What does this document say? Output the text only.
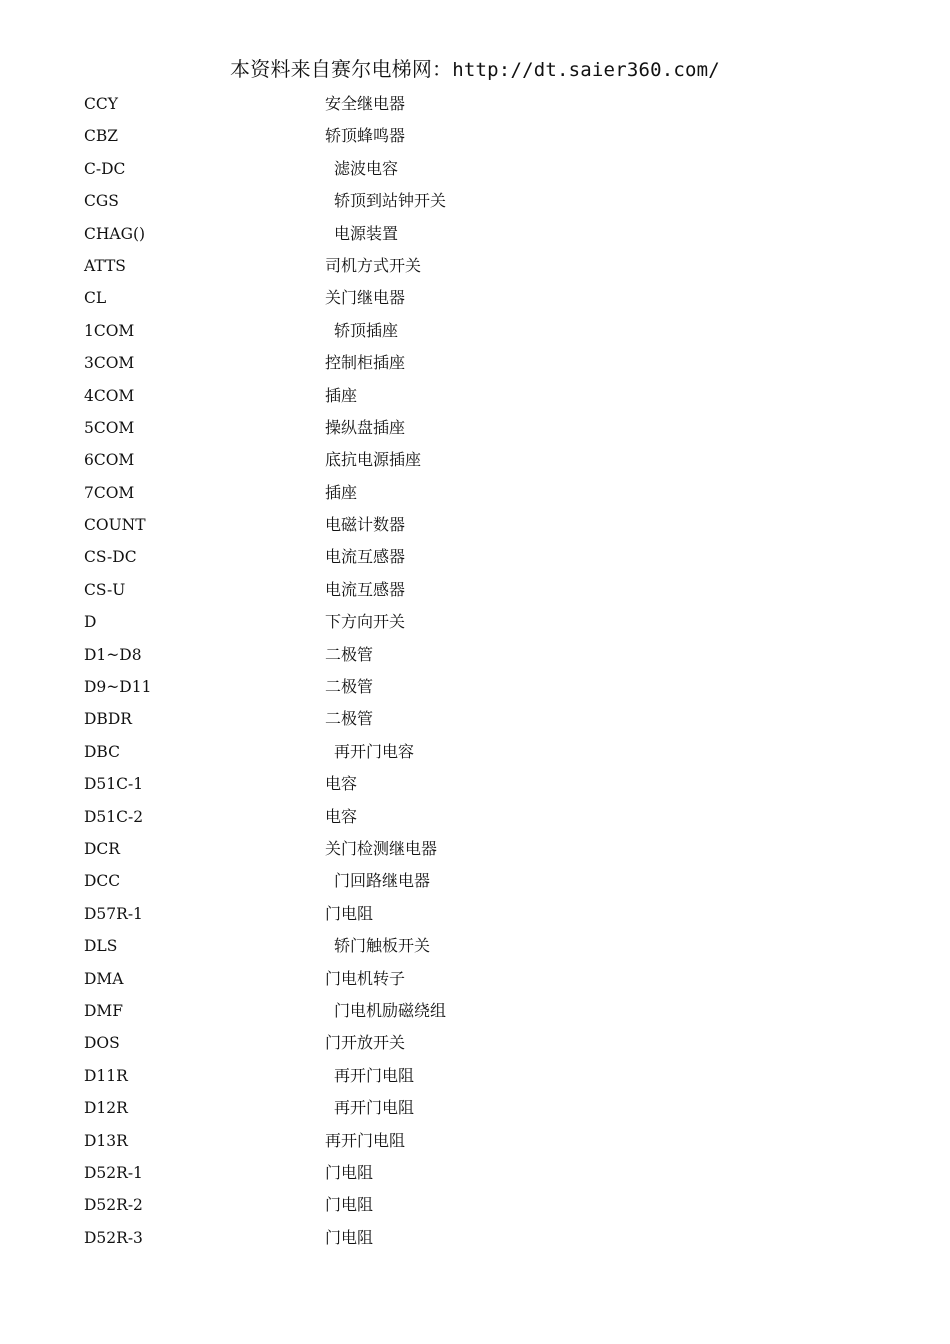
本资料来自赛尔电梯网：http://dt.saier360.com/
CCY	安全继电器
CBZ	轿顶蜂鸣器
C-DC	滤波电容
CGS	轿顶到站钟开关
CHAG()	电源装置
ATTS	司机方式开关
CL	关门继电器
1COM	轿顶插座
3COM	控制柜插座
4COM	插座
5COM	操纵盘插座
6COM	底抗电源插座
7COM	插座
COUNT	电磁计数器
CS-DC	电流互感器
CS-U	电流互感器
D	下方向开关
D1~D8	二极管
D9~D11	二极管
DBDR	二极管
DBC	再开门电容
D51C-1	电容
D51C-2	电容
DCR	关门检测继电器
DCC	门回路继电器
D57R-1	门电阻
DLS	轿门触板开关
DMA	门电机转子
DMF	门电机励磁绕组
DOS	门开放开关
D11R	再开门电阻
D12R	再开门电阻
D13R	再开门电阻
D52R-1	门电阻
D52R-2	门电阻
D52R-3	门电阻
